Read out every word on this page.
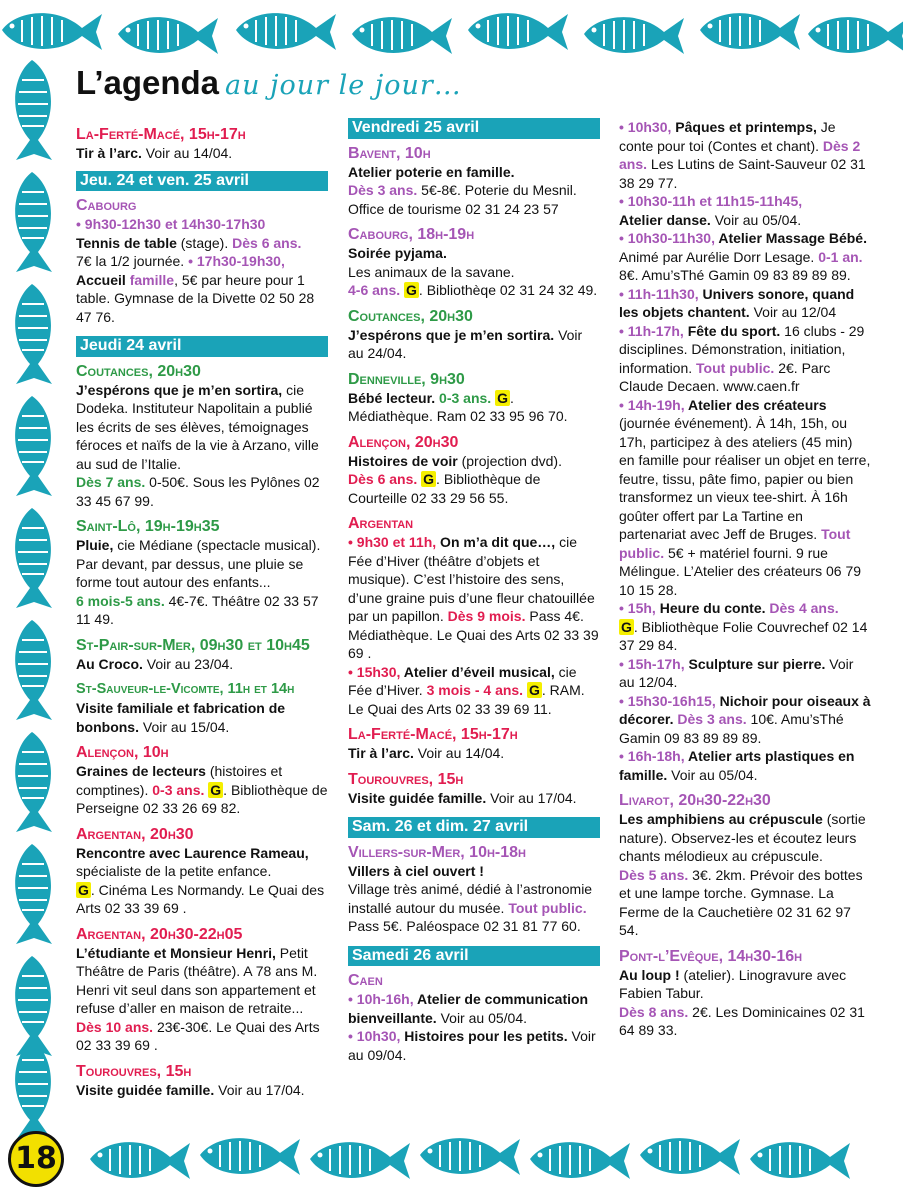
18
L’agenda au jour le jour…
La-Ferté-Macé, 15h-17h
Tir à l’arc. Voir au 14/04.
Jeu. 24 et ven. 25 avril
Cabourg
• 9h30-12h30 et 14h30-17h30
Tennis de table (stage). Dès 6 ans.
7€ la 1/2 journée. • 17h30-19h30,
Accueil famille, 5€ par heure pour 1 table. Gymnase de la Divette 02 50 28 47 76.
Jeudi 24 avril
Coutances, 20h30
J’espérons que je m’en sortira, cie Dodeka. Instituteur Napolitain a publié les écrits de ses élèves, témoignages féroces et naïfs de la vie à Arzano, ville au sud de l’Italie.
Dès 7 ans. 0-50€. Sous les Pylônes 02 33 45 67 99.
Saint-Lô, 19h-19h35
Pluie, cie Médiane (spectacle musical). Par devant, par dessus, une pluie se forme tout autour des enfants...
6 mois-5 ans. 4€-7€. Théâtre 02 33 57 11 49.
St-Pair-sur-Mer, 09h30 et 10h45
Au Croco. Voir au 23/04.
St-Sauveur-le-Vicomte, 11h et 14h
Visite familiale et fabrication de bonbons. Voir au 15/04.
Alençon, 10h
Graines de lecteurs (histoires et comptines). 0-3 ans. G . Bibliothèque de Perseigne 02 33 26 69 82.
Argentan, 20h30
Rencontre avec Laurence Rameau, spécialiste de la petite enfance.
G . Cinéma Les Normandy. Le Quai des Arts 02 33 39 69 .
Argentan, 20h30-22h05
L’étudiante et Monsieur Henri, Petit Théâtre de Paris (théâtre). A 78 ans M. Henri vit seul dans son appartement et refuse d’aller en maison de retraite...
Dès 10 ans. 23€-30€. Le Quai des Arts 02 33 39 69 .
Tourouvres, 15h
Visite guidée famille. Voir au 17/04.
Vendredi 25 avril
Bavent, 10h
Atelier poterie en famille.
Dès 3 ans. 5€-8€. Poterie du Mesnil. Office de tourisme 02 31 24 23 57
Cabourg, 18h-19h
Soirée pyjama.
Les animaux de la savane.
4-6 ans. G . Bibliothèqe 02 31 24 32 49.
Coutances, 20h30
J’espérons que je m’en sortira. Voir au 24/04.
Denneville, 9h30
Bébé lecteur. 0-3 ans. G . Médiathèque. Ram 02 33 95 96 70.
Alençon, 20h30
Histoires de voir (projection dvd).
Dès 6 ans. G . Bibliothèque de Courteille 02 33 29 56 55.
Argentan
• 9h30 et 11h, On m’a dit que…, cie Fée d’Hiver (théâtre d’objets et musique). C’est l’histoire des sens, d’une graine puis d’une fleur chatouillée par un papillon. Dès 9 mois. Pass 4€. Médiathèque. Le Quai des Arts 02 33 39 69 .
• 15h30, Atelier d’éveil musical, cie Fée d’Hiver. 3 mois - 4 ans. G . RAM. Le Quai des Arts 02 33 39 69 11.
La-Ferté-Macé, 15h-17h
Tir à l’arc. Voir au 14/04.
Tourouvres, 15h
Visite guidée famille. Voir au 17/04.
Sam. 26 et dim. 27 avril
Villers-sur-Mer, 10h-18h
Villers à ciel ouvert !
Village très animé, dédié à l’astronomie installé autour du musée. Tout public. Pass 5€. Paléospace 02 31 81 77 60.
Samedi 26 avril
Caen
• 10h-16h, Atelier de communication bienveillante. Voir au 05/04.
• 10h30, Histoires pour les petits. Voir au 09/04.
• 10h30, Pâques et printemps, Je conte pour toi (Contes et chant). Dès 2 ans. Les Lutins de Saint-Sauveur 02 31 38 29 77.
• 10h30-11h et 11h15-11h45,
Atelier danse. Voir au 05/04.
• 10h30-11h30, Atelier Massage Bébé. Animé par Aurélie Dorr Lesage. 0-1 an. 8€. Amu’sThé Gamin 09 83 89 89 89.
• 11h-11h30, Univers sonore, quand les objets chantent. Voir au 12/04
• 11h-17h, Fête du sport. 16 clubs - 29 disciplines. Démonstration, initiation, information. Tout public. 2€. Parc Claude Decaen. www.caen.fr
• 14h-19h, Atelier des créateurs (journée événement). À 14h, 15h, ou 17h, participez à des ateliers (45 min) en famille pour réaliser un objet en terre, feutre, tissu, pâte fimo, papier ou bien transformez un vieux tee-shirt. À 16h goûter offert par La Tartine en partenariat avec Jeff de Bruges. Tout public. 5€ + matériel fourni. 9 rue Mélingue. L’Atelier des créateurs 06 79 10 15 28.
• 15h, Heure du conte. Dès 4 ans.
G . Bibliothèque Folie Couvrechef 02 14 37 29 84.
• 15h-17h, Sculpture sur pierre. Voir au 12/04.
• 15h30-16h15, Nichoir pour oiseaux à décorer. Dès 3 ans. 10€. Amu’sThé Gamin 09 83 89 89 89.
• 16h-18h, Atelier arts plastiques en famille. Voir au 05/04.
Livarot, 20h30-22h30
Les amphibiens au crépuscule (sortie nature). Observez-les et écoutez leurs chants mélodieux au crépuscule.
Dès 5 ans. 3€. 2km. Prévoir des bottes et une lampe torche. Gymnase. La Ferme de la Cauchetière 02 31 62 97 54.
Pont-l’Evêque, 14h30-16h
Au loup ! (atelier). Linogravure avec Fabien Tabur.
Dès 8 ans. 2€. Les Dominicaines 02 31 64 89 33.
